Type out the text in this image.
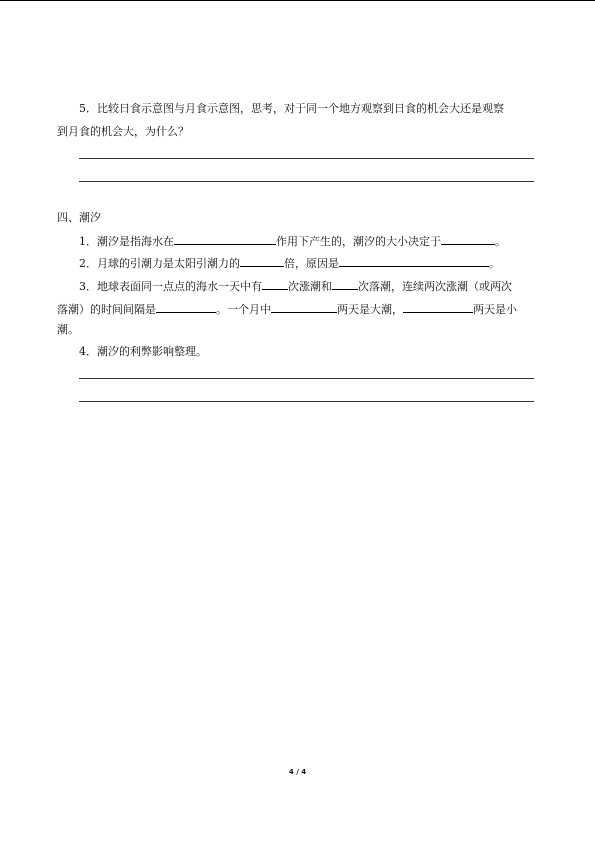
5．比较日食示意图与月食示意图，思考，对于同一个地方观察到日食的机会大还是观察
到月食的机会大，为什么？
四、潮汐
1．潮汐是指海水在	作用下产生的，潮汐的大小决定于	。
2．月球的引潮力是太阳引潮力的	倍，原因是	。
3．地球表面同一点点的海水一天中有 次涨潮和 次落潮，连续两次涨潮（或两次
落潮）的时间间隔是	。一个月中	两天是大潮，	两天是小
潮。
4．潮汐的利弊影响整理。
4 / 4
